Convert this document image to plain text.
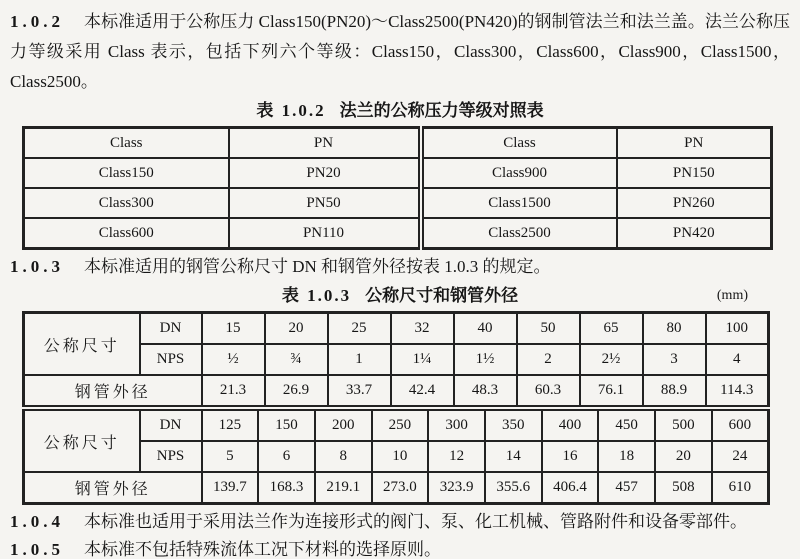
1.0.2 本标准适用于公称压力 Class150(PN20)～Class2500(PN420)的钢制管法兰和法兰盖。法兰公称压力等级采用 Class 表示，包括下列六个等级：Class150，Class300，Class600，Class900，Class1500，Class2500。

表 1.0.2 法兰的公称压力等级对照表
Class	PN	Class	PN
Class150	PN20	Class900	PN150
Class300	PN50	Class1500	PN260
Class600	PN110	Class2500	PN420

1.0.3 本标准适用的钢管公称尺寸 DN 和钢管外径按表 1.0.3 的规定。

表 1.0.3 公称尺寸和钢管外径	(mm)
公称尺寸	DN	15	20	25	32	40	50	65	80	100
	NPS	½	¾	1	1¼	1½	2	2½	3	4
钢管外径		21.3	26.9	33.7	42.4	48.3	60.3	76.1	88.9	114.3
公称尺寸	DN	125	150	200	250	300	350	400	450	500	600
	NPS	5	6	8	10	12	14	16	18	20	24
钢管外径		139.7	168.3	219.1	273.0	323.9	355.6	406.4	457	508	610

1.0.4 本标准也适用于采用法兰作为连接形式的阀门、泵、化工机械、管路附件和设备零部件。

1.0.5 本标准不包括特殊流体工况下材料的选择原则。
